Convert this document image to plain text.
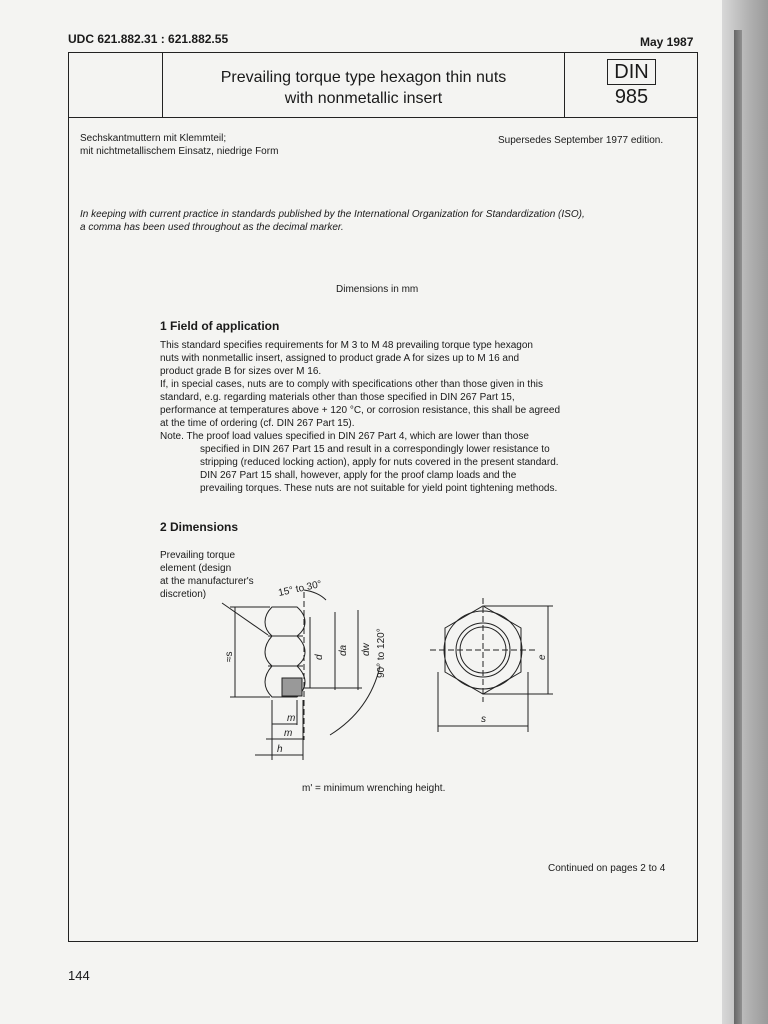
UDC 621.882.31 : 621.882.55	May 1987
Prevailing torque type hexagon thin nuts
with nonmetallic insert
DIN
985
Sechskantmuttern mit Klemmteil;
mit nichtmetallischem Einsatz, niedrige Form
Supersedes September 1977 edition.
In keeping with current practice in standards published by the International Organization for Standardization (ISO),
a comma has been used throughout as the decimal marker.
Dimensions in mm
1 Field of application

This standard specifies requirements for M 3 to M 48 prevailing torque type hexagon

nuts with nonmetallic insert, assigned to product grade A for sizes up to M 16 and

product grade B for sizes over M 16.

If, in special cases, nuts are to comply with specifications other than those given in this

standard, e.g. regarding materials other than those specified in DIN 267 Part 15,

performance at temperatures above + 120 °C, or corrosion resistance, this shall be agreed

at the time of ordering (cf. DIN 267 Part 15).

Note. The proof load values specified in DIN 267 Part 4, which are lower than those

specified in DIN 267 Part 15 and result in a correspondingly lower resistance to

stripping (reduced locking action), apply for nuts covered in the present standard.

DIN 267 Part 15 shall, however, apply for the proof clamp loads and the

prevailing torques. These nuts are not suitable for yield point tightening methods.

2 Dimensions
Prevailing torque
element (design
at the manufacturer's
discretion)	15° to 30°
90° to 120°
≈s	d
da dw
m'
m
h
e
s
m' = minimum wrenching height.
Continued on pages 2 to 4
144
